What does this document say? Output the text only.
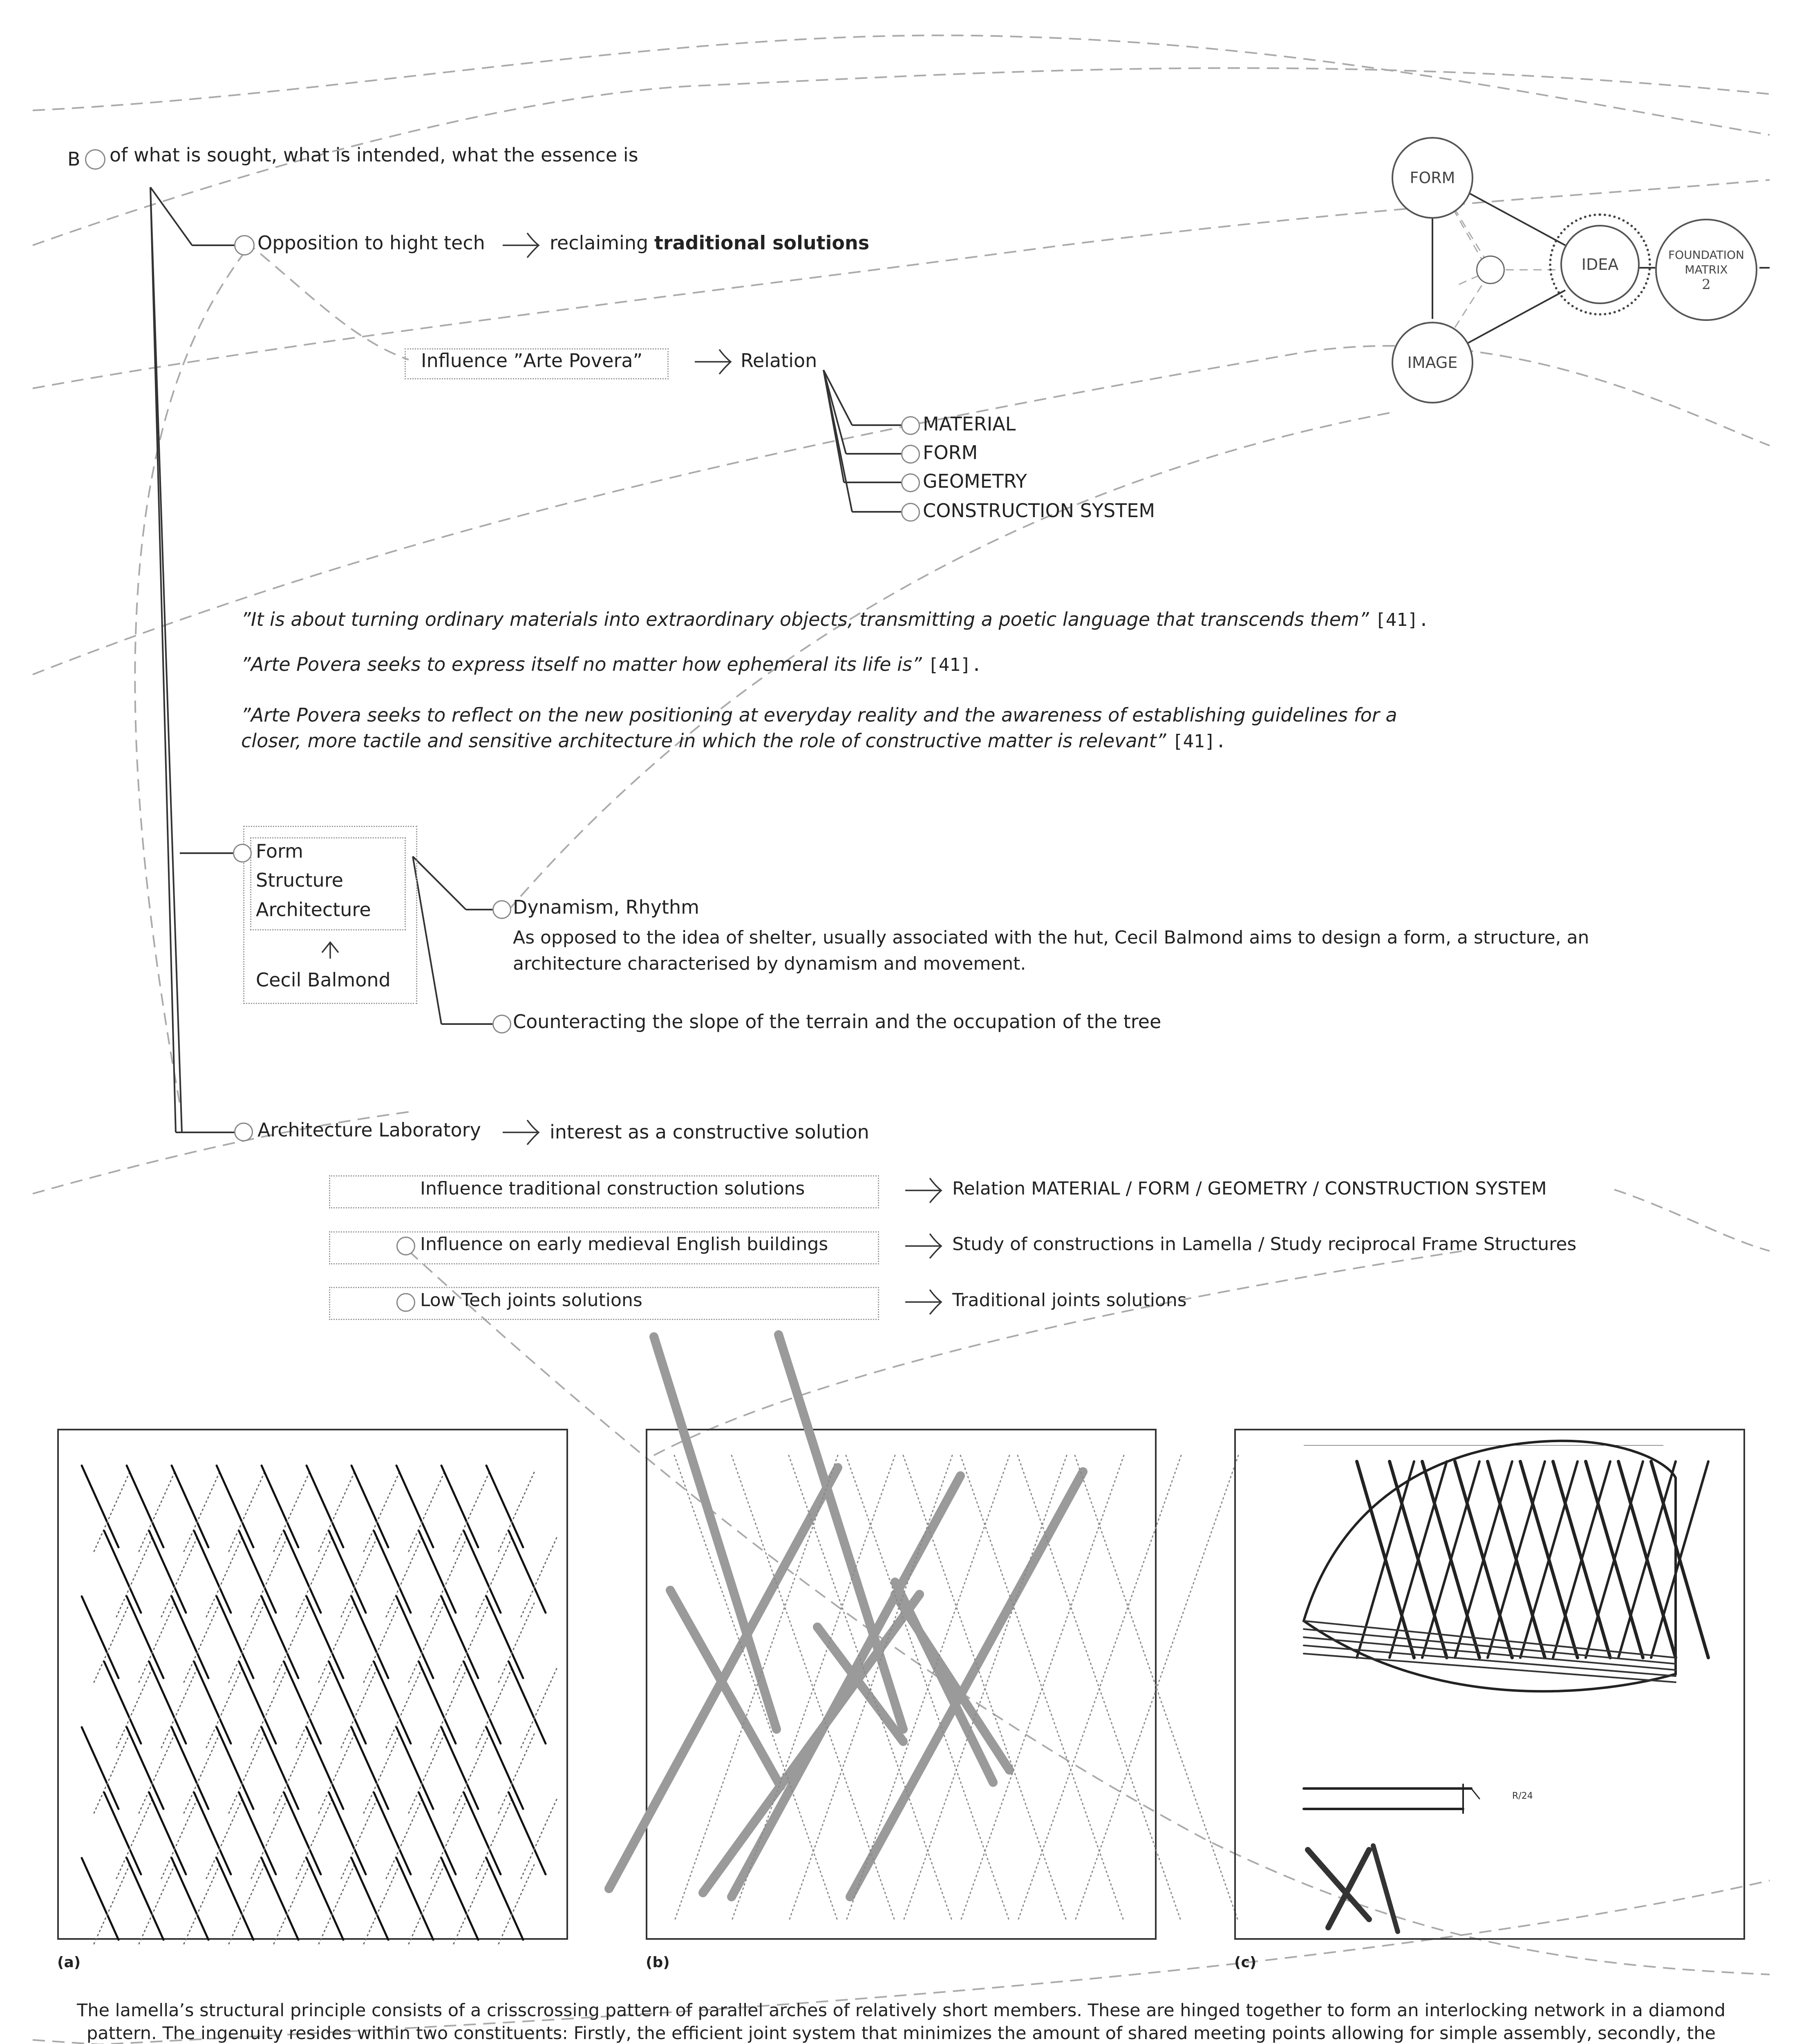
B of what is sought, what is intended, what the essence is
Opposition to hight tech	reclaiming traditional solutions
Influence ”Arte Povera”	Relation
MATERIAL
FORM
GEOMETRY
CONSTRUCTION SYSTEM
”It is about turning ordinary materials into extraordinary objects, transmitting a poetic language that transcends them” [41].
”Arte Povera seeks to express itself no matter how ephemeral its life is” [41].
”Arte Povera seeks to reflect on the new positioning at everyday reality and the awareness of establishing guidelines for a
closer, more tactile and sensitive architecture in which the role of constructive matter is relevant” [41].
Form
Structure
Architecture
Cecil Balmond
Dynamism, Rhythm
As opposed to the idea of shelter, usually associated with the hut, Cecil Balmond aims to design a form, a structure, an
architecture characterised by dynamism and movement.
Counteracting the slope of the terrain and the occupation of the tree
Architecture Laboratory	interest as a constructive solution
Influence traditional construction solutions	Relation MATERIAL / FORM / GEOMETRY / CONSTRUCTION SYSTEM
Influence on early medieval English buildings	Study of constructions in Lamella / Study reciprocal Frame Structures
Low Tech joints solutions	Traditional joints solutions
FORM
IMAGE
IDEA
FOUNDATION
MATRIX
2
(a)	(b)
R/24
(c)
The lamella’s structural principle consists of a crisscrossing pattern of parallel arches of relatively short members. These are hinged together to form an interlocking network in a diamond pattern. The ingenuity resides within two constituents: Firstly, the efficient joint system that minimizes the amount of shared meeting points allowing for simple assembly, secondly, the
